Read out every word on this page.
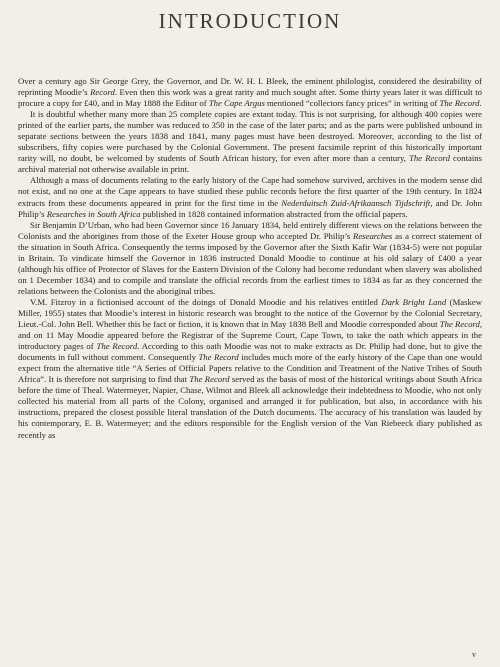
INTRODUCTION

Over a century ago Sir George Grey, the Governor, and Dr. W. H. I. Bleek, the eminent philologist, considered the desirability of reprinting Moodie’s Record. Even then this work was a great rarity and much sought after. Some thirty years later it was difficult to procure a copy for £40, and in May 1888 the Editor of The Cape Argus mentioned “collectors fancy prices” in writing of The Record.

It is doubtful whether many more than 25 complete copies are extant today. This is not surprising, for although 400 copies were printed of the earlier parts, the number was reduced to 350 in the case of the later parts; and as the parts were published unbound in separate sections between the years 1838 and 1841, many pages must have been destroyed. Moreover, according to the list of subscribers, fifty copies were purchased by the Colonial Government. The present facsimile reprint of this historically important rarity will, no doubt, be welcomed by students of South African history, for even after more than a century, The Record contains archival material not otherwise available in print.

Although a mass of documents relating to the early history of the Cape had somehow survived, archives in the modern sense did not exist, and no one at the Cape appears to have studied these public records before the first quarter of the 19th century. In 1824 extracts from these documents appeared in print for the first time in the Nederduitsch Zuid-Afrikaansch Tijdschrift, and Dr. John Philip’s Researches in South Africa published in 1828 contained information abstracted from the official papers.

Sir Benjamin D’Urban, who had been Governor since 16 January 1834, held entirely different views on the relations between the Colonists and the aborigines from those of the Exeter House group who accepted Dr. Philip’s Researches as a correct statement of the situation in South Africa. Consequently the terms imposed by the Governor after the Sixth Kafir War (1834-5) were not popular in Britain. To vindicate himself the Governor in 1836 instructed Donald Moodie to continue at his old salary of £400 a year (although his office of Protector of Slaves for the Eastern Division of the Colony had become redundant when slavery was abolished on 1 December 1834) and to compile and translate the official records from the earliest times to 1834 as far as they concerned the relations between the Colonists and the aboriginal tribes.

V.M. Fitzroy in a fictionised account of the doings of Donald Moodie and his relatives entitled Dark Bright Land (Maskew Miller, 1955) states that Moodie’s interest in historic research was brought to the notice of the Governor by the Colonial Secretary, Lieut.-Col. John Bell. Whether this be fact or fiction, it is known that in May 1838 Bell and Moodie corresponded about The Record, and on 11 May Moodie appeared before the Registrar of the Supreme Court, Cape Town, to take the oath which appears in the introductory pages of The Record. According to this oath Moodie was not to make extracts as Dr. Philip had done, but to give the documents in full without comment. Consequently The Record includes much more of the early history of the Cape than one would expect from the alternative title “A Series of Official Papers relative to the Condition and Treatment of the Native Tribes of South Africa”. It is therefore not surprising to find that The Record served as the basis of most of the historical writings about South Africa before the time of Theal. Watermeyer, Napier, Chase, Wilmot and Bleek all acknowledge their indebtedness to Moodie, who not only collected his material from all parts of the Colony, organised and arranged it for publication, but also, in accordance with his instructions, prepared the closest possible literal translation of the Dutch documents. The accuracy of his translation was lauded by his contemporary, E. B. Watermeyer; and the editors responsible for the English version of the Van Riebeeck diary published as recently as

v
